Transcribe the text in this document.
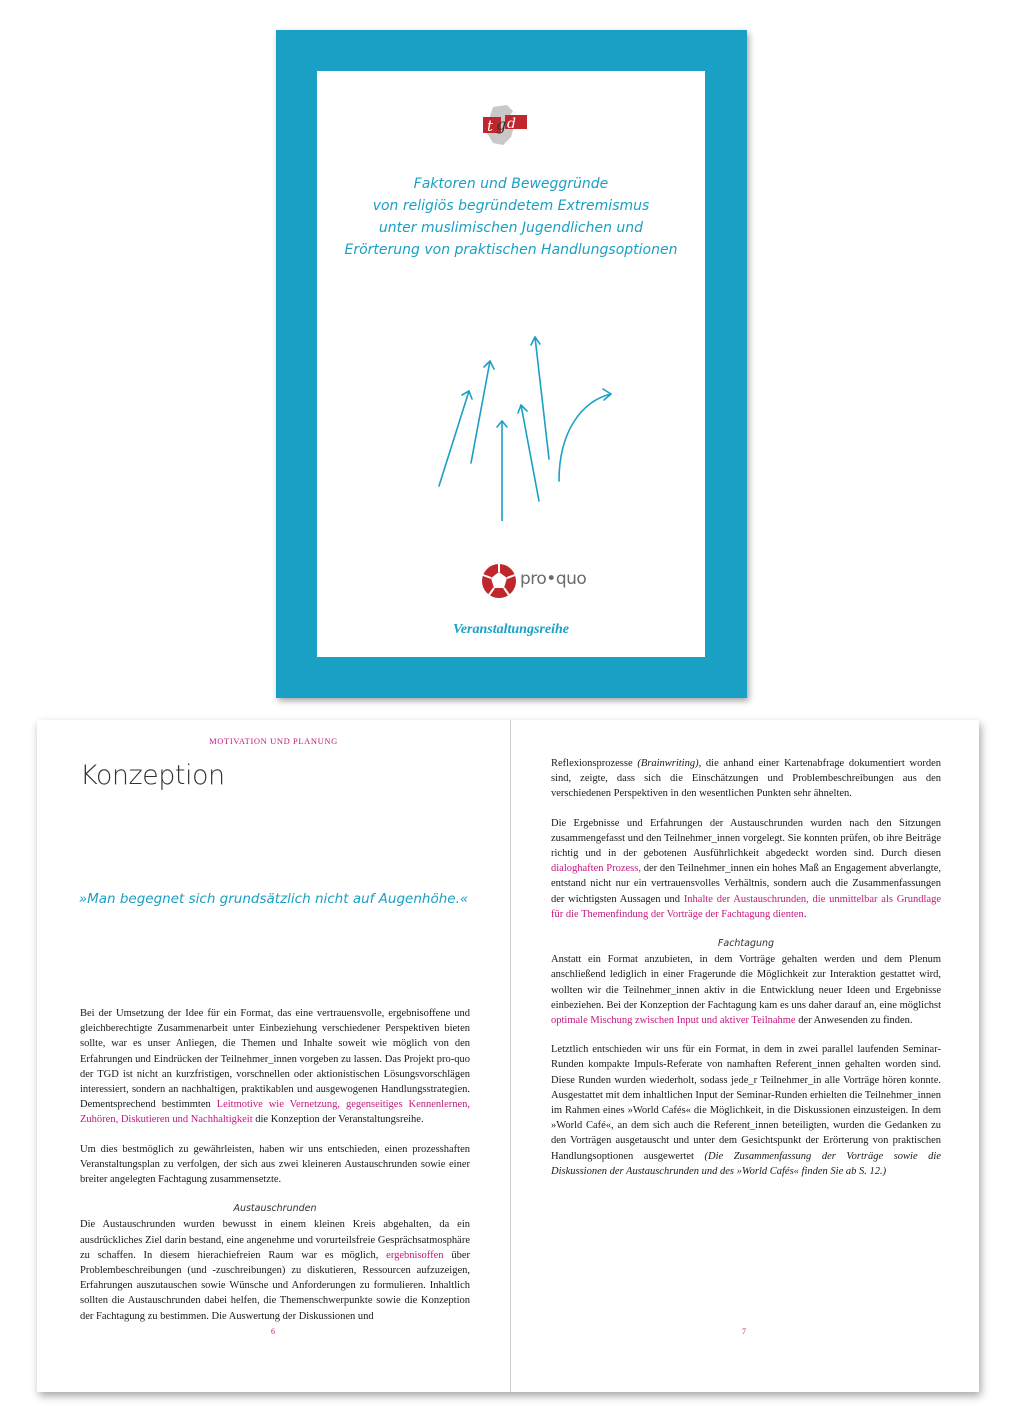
t d
g
Faktoren und Beweggründe
von religiös begründetem Extremismus
unter muslimischen Jugendlichen und
Erörterung von praktischen Handlungsoptionen
pro•quo
Veranstaltungsreihe
MOTIVATION UND PLANUNG
Konzeption
»Man begegnet sich grundsätzlich nicht auf Augenhöhe.«

Bei der Umsetzung der Idee für ein Format, das eine vertrauensvolle, ergebnisoffene und gleichberechtigte Zusammenarbeit unter Einbeziehung verschiedener Perspektiven bieten sollte, war es unser Anliegen, die Themen und Inhalte soweit wie möglich von den Erfahrungen und Eindrücken der Teilnehmer_innen vorgeben zu lassen. Das Projekt pro-quo der TGD ist nicht an kurzfristigen, vorschnellen oder aktionistischen Lösungsvorschlägen interessiert, sondern an nachhaltigen, praktikablen und ausgewogenen Handlungsstrategien. Dementsprechend bestimmten Leitmotive wie Vernetzung, gegenseitiges Kennenlernen, Zuhören, Diskutieren und Nachhaltigkeit die Konzeption der Veranstaltungsreihe.

Um dies bestmöglich zu gewährleisten, haben wir uns entschieden, einen prozesshaften Veranstaltungsplan zu verfolgen, der sich aus zwei kleineren Austauschrunden sowie einer breiter angelegten Fachtagung zusammensetzte.

Austauschrunden

Die Austauschrunden wurden bewusst in einem kleinen Kreis abgehalten, da ein ausdrückliches Ziel darin bestand, eine angenehme und vorurteilsfreie Gesprächsatmosphäre zu schaffen. In diesem hierachiefreien Raum war es möglich, ergebnisoffen über Problembeschreibungen (und -zuschreibungen) zu diskutieren, Ressourcen aufzuzeigen, Erfahrungen auszutauschen sowie Wünsche und Anforderungen zu formulieren. Inhaltlich sollten die Austauschrunden dabei helfen, die Themenschwerpunkte sowie die Konzeption der Fachtagung zu bestimmen. Die Auswertung der Diskussionen und

6

Reflexionsprozesse (Brainwriting), die anhand einer Kartenabfrage dokumentiert worden sind, zeigte, dass sich die Einschätzungen und Problembeschreibungen aus den verschiedenen Perspektiven in den wesentlichen Punkten sehr ähnelten.

Die Ergebnisse und Erfahrungen der Austauschrunden wurden nach den Sitzungen zusammengefasst und den Teilnehmer_innen vorgelegt. Sie konnten prüfen, ob ihre Beiträge richtig und in der gebotenen Ausführlichkeit abgedeckt worden sind. Durch diesen dialoghaften Prozess, der den Teilnehmer_innen ein hohes Maß an Engagement abverlangte, entstand nicht nur ein vertrauensvolles Verhältnis, sondern auch die Zusammenfassungen der wichtigsten Aussagen und Inhalte der Austauschrunden, die unmittelbar als Grundlage für die Themenfindung der Vorträge der Fachtagung dienten.

Fachtagung

Anstatt ein Format anzubieten, in dem Vorträge gehalten werden und dem Plenum anschließend lediglich in einer Fragerunde die Möglichkeit zur Interaktion gestattet wird, wollten wir die Teilnehmer_innen aktiv in die Entwicklung neuer Ideen und Ergebnisse einbeziehen. Bei der Konzeption der Fachtagung kam es uns daher darauf an, eine möglichst optimale Mischung zwischen Input und aktiver Teilnahme der Anwesenden zu finden.

Letztlich entschieden wir uns für ein Format, in dem in zwei parallel laufenden Seminar-Runden kompakte Impuls-Referate von namhaften Referent_innen gehalten worden sind. Diese Runden wurden wiederholt, sodass jede_r Teilnehmer_in alle Vorträge hören konnte. Ausgestattet mit dem inhaltlichen Input der Seminar-Runden erhielten die Teilnehmer_innen im Rahmen eines »World Cafés« die Möglichkeit, in die Diskussionen einzusteigen. In dem »World Café«, an dem sich auch die Referent_innen beteiligten, wurden die Gedanken zu den Vorträgen ausgetauscht und unter dem Gesichtspunkt der Erörterung von praktischen Handlungsoptionen ausgewertet (Die Zusammenfassung der Vorträge sowie die Diskussionen der Austauschrunden und des »World Cafés« finden Sie ab S. 12.)

7
